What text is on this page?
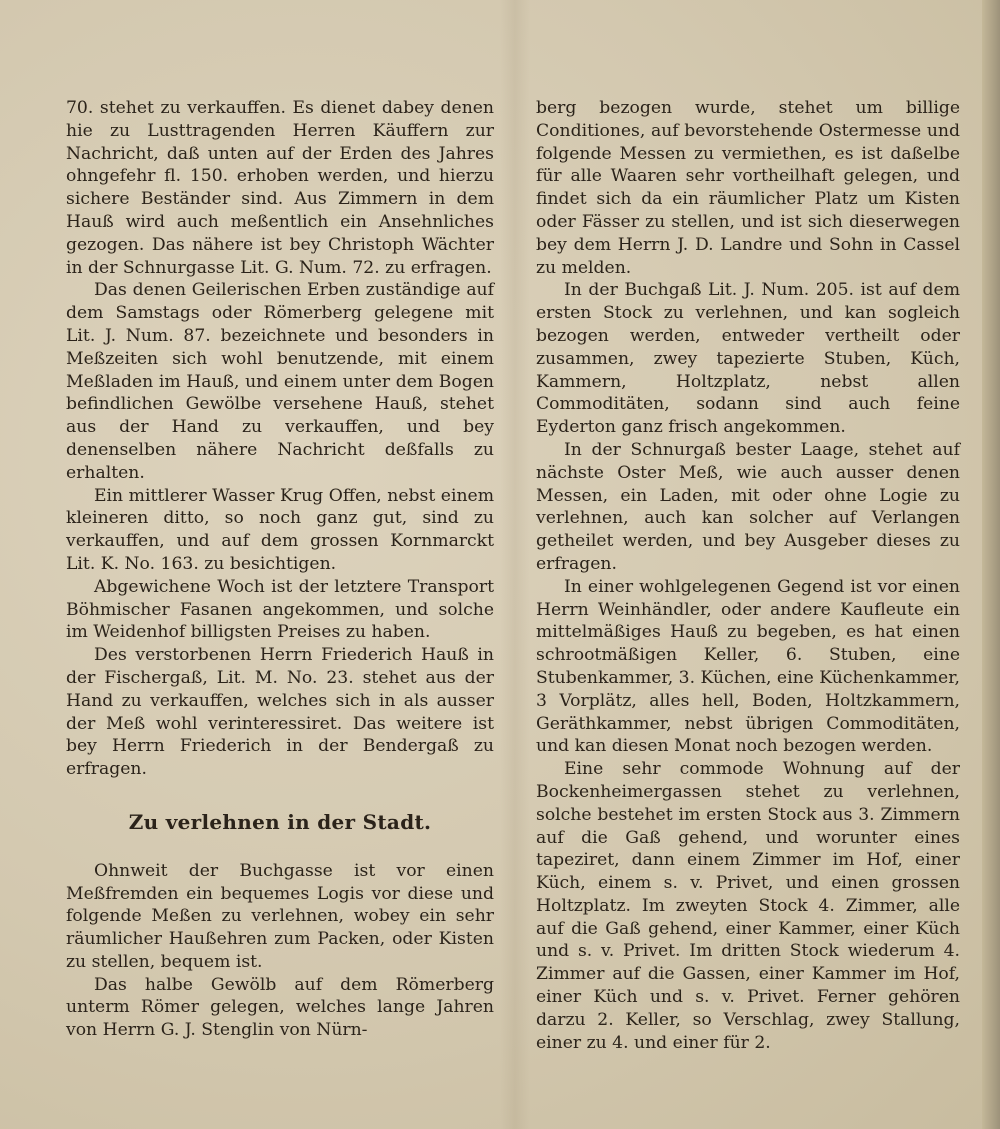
70. stehet zu verkauffen. Es dienet dabey denen hie zu Lusttragenden Herren Käuffern zur Nachricht, daß unten auf der Erden des Jahres ohngefehr fl. 150. erhoben werden, und hierzu sichere Beständer sind. Aus Zimmern in dem Hauß wird auch meßentlich ein Ansehnliches gezogen. Das nähere ist bey Christoph Wächter in der Schnurgasse Lit. G. Num. 72. zu erfragen.

Das denen Geilerischen Erben zuständige auf dem Samstags oder Römerberg gelegene mit Lit. J. Num. 87. bezeichnete und besonders in Meßzeiten sich wohl benutzende, mit einem Meßladen im Hauß, und einem unter dem Bogen befindlichen Gewölbe versehene Hauß, stehet aus der Hand zu verkauffen, und bey denenselben nähere Nachricht deßfalls zu erhalten.

Ein mittlerer Wasser Krug Offen, nebst einem kleineren ditto, so noch ganz gut, sind zu verkauffen, und auf dem grossen Kornmarckt Lit. K. No. 163. zu besichtigen.

Abgewichene Woch ist der letztere Transport Böhmischer Fasanen angekommen, und solche im Weidenhof billigsten Preises zu haben.

Des verstorbenen Herrn Friederich Hauß in der Fischergaß, Lit. M. No. 23. stehet aus der Hand zu verkauffen, welches sich in als ausser der Meß wohl verinteressiret. Das weitere ist bey Herrn Friederich in der Bendergaß zu erfragen.

Zu verlehnen in der Stadt.

Ohnweit der Buchgasse ist vor einen Meßfremden ein bequemes Logis vor diese und folgende Meßen zu verlehnen, wobey ein sehr räumlicher Haußehren zum Packen, oder Kisten zu stellen, bequem ist.

Das halbe Gewölb auf dem Römerberg unterm Römer gelegen, welches lange Jahren von Herrn G. J. Stenglin von Nürn-

berg bezogen wurde, stehet um billige Conditiones, auf bevorstehende Ostermesse und folgende Messen zu vermiethen, es ist daßelbe für alle Waaren sehr vortheilhaft gelegen, und findet sich da ein räumlicher Platz um Kisten oder Fässer zu stellen, und ist sich dieserwegen bey dem Herrn J. D. Landre und Sohn in Cassel zu melden.

In der Buchgaß Lit. J. Num. 205. ist auf dem ersten Stock zu verlehnen, und kan sogleich bezogen werden, entweder vertheilt oder zusammen, zwey tapezierte Stuben, Küch, Kammern, Holtzplatz, nebst allen Commoditäten, sodann sind auch feine Eyderton ganz frisch angekommen.

In der Schnurgaß bester Laage, stehet auf nächste Oster Meß, wie auch ausser denen Messen, ein Laden, mit oder ohne Logie zu verlehnen, auch kan solcher auf Verlangen getheilet werden, und bey Ausgeber dieses zu erfragen.

In einer wohlgelegenen Gegend ist vor einen Herrn Weinhändler, oder andere Kaufleute ein mittelmäßiges Hauß zu begeben, es hat einen schrootmäßigen Keller, 6. Stuben, eine Stubenkammer, 3. Küchen, eine Küchenkammer, 3 Vorplätz, alles hell, Boden, Holtzkammern, Geräthkammer, nebst übrigen Commoditäten, und kan diesen Monat noch bezogen werden.

Eine sehr commode Wohnung auf der Bockenheimergassen stehet zu verlehnen, solche bestehet im ersten Stock aus 3. Zimmern auf die Gaß gehend, und worunter eines tapeziret, dann einem Zimmer im Hof, einer Küch, einem s. v. Privet, und einen grossen Holtzplatz. Im zweyten Stock 4. Zimmer, alle auf die Gaß gehend, einer Kammer, einer Küch und s. v. Privet. Im dritten Stock wiederum 4. Zimmer auf die Gassen, einer Kammer im Hof, einer Küch und s. v. Privet. Ferner gehören darzu 2. Keller, so Verschlag, zwey Stallung, einer zu 4. und einer für 2.
